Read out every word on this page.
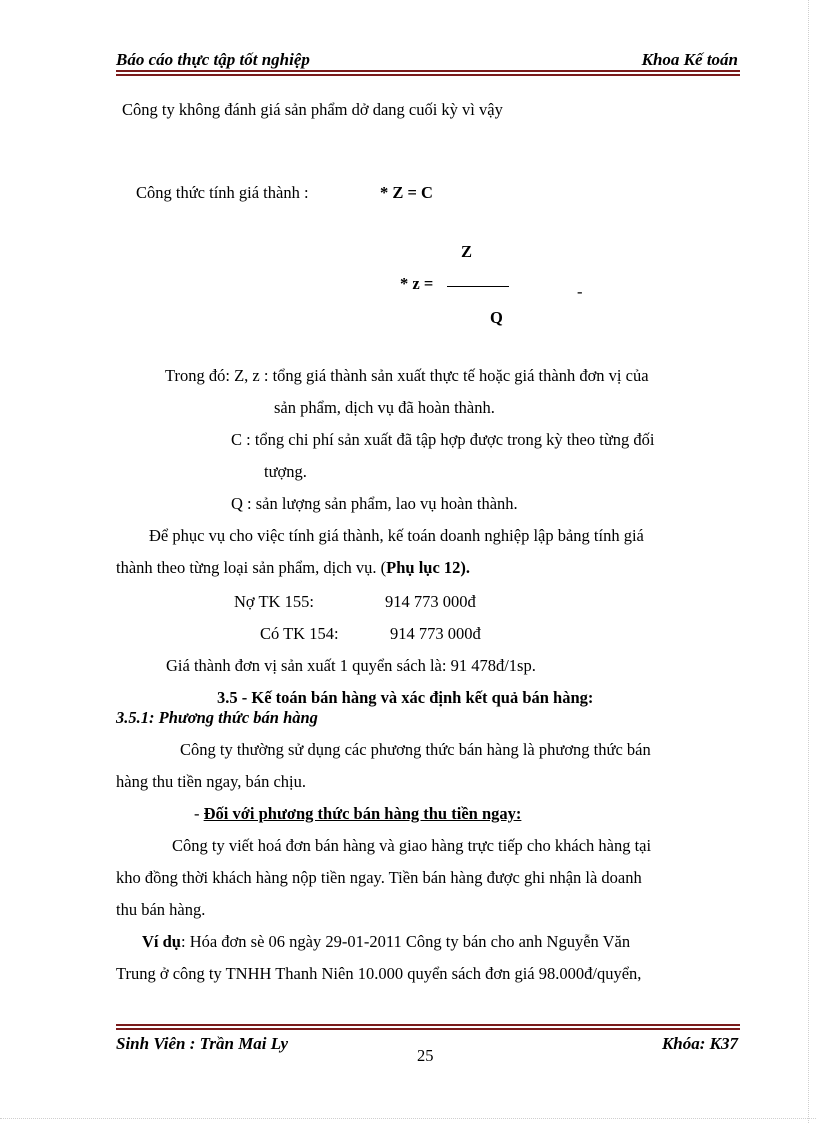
Báo cáo thực tập tốt nghiệp	Khoa Kế toán
Công ty không đánh giá sản phẩm dở dang cuối kỳ vì vậy
Công thức tính giá thành :	* Z = C
Z
* z =
Q
-
Trong đó: Z, z : tổng giá thành sản xuất thực tế hoặc giá thành đơn vị của
sản phẩm, dịch vụ đã hoàn thành.
C : tổng chi phí sản xuất đã tập hợp được trong kỳ theo từng đối
tượng.
Q : sản lượng sản phẩm, lao vụ hoàn thành.
Để phục vụ cho việc tính giá thành, kế toán doanh nghiệp lập bảng tính giá
thành theo từng loại sản phẩm, dịch vụ. (Phụ lục 12).
Nợ TK 155:	914 773 000đ
Có TK 154:	914 773 000đ
Giá thành đơn vị sản xuất 1 quyển sách là: 91 478đ/1sp.
3.5 - Kế toán bán hàng và xác định kết quả bán hàng:
3.5.1: Phương thức bán hàng
Công ty thường sử dụng các phương thức bán hàng là phương thức bán
hàng thu tiền ngay, bán chịu.
- Đối với phương thức bán hàng thu tiền ngay:
Công ty viết hoá đơn bán hàng và giao hàng trực tiếp cho khách hàng tại
kho đồng thời khách hàng nộp tiền ngay. Tiền bán hàng được ghi nhận là doanh
thu bán hàng.
Ví dụ: Hóa đơn sè 06 ngày 29-01-2011 Công ty bán cho anh Nguyễn Văn
Trung ở công ty TNHH Thanh Niên 10.000 quyển sách đơn giá 98.000đ/quyển,
Sinh Viên : Trần Mai Ly
25
Khóa: K37
